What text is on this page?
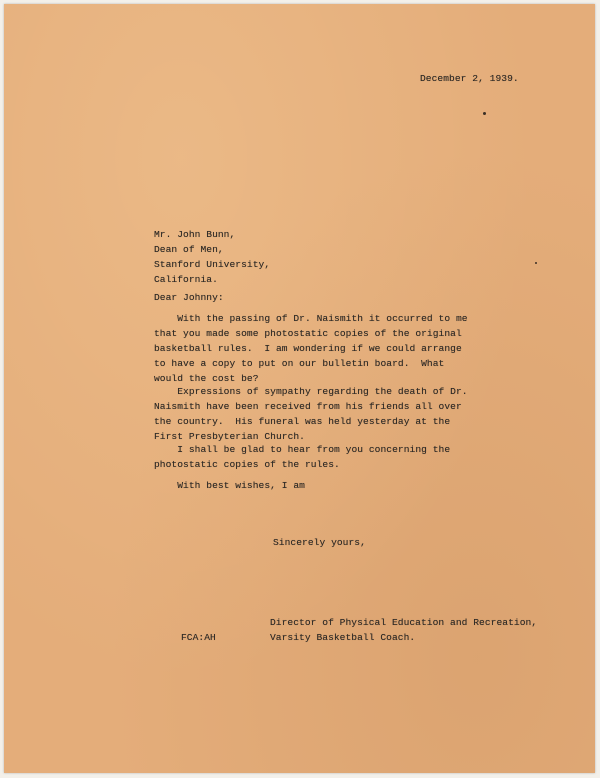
December 2, 1939.

Mr. John Bunn,

Dean of Men,

Stanford University,

California.

Dear Johnny:

With the passing of Dr. Naismith it occurred to me

that you made some photostatic copies of the original

basketball rules.  I am wondering if we could arrange

to have a copy to put on our bulletin board.  What

would the cost be?

Expressions of sympathy regarding the death of Dr.

Naismith have been received from his friends all over

the country.  His funeral was held yesterday at the

First Presbyterian Church.

I shall be glad to hear from you concerning the

photostatic copies of the rules.

With best wishes, I am
Sincerely yours,

Director of Physical Education and Recreation,

Varsity Basketball Coach.

FCA:AH
